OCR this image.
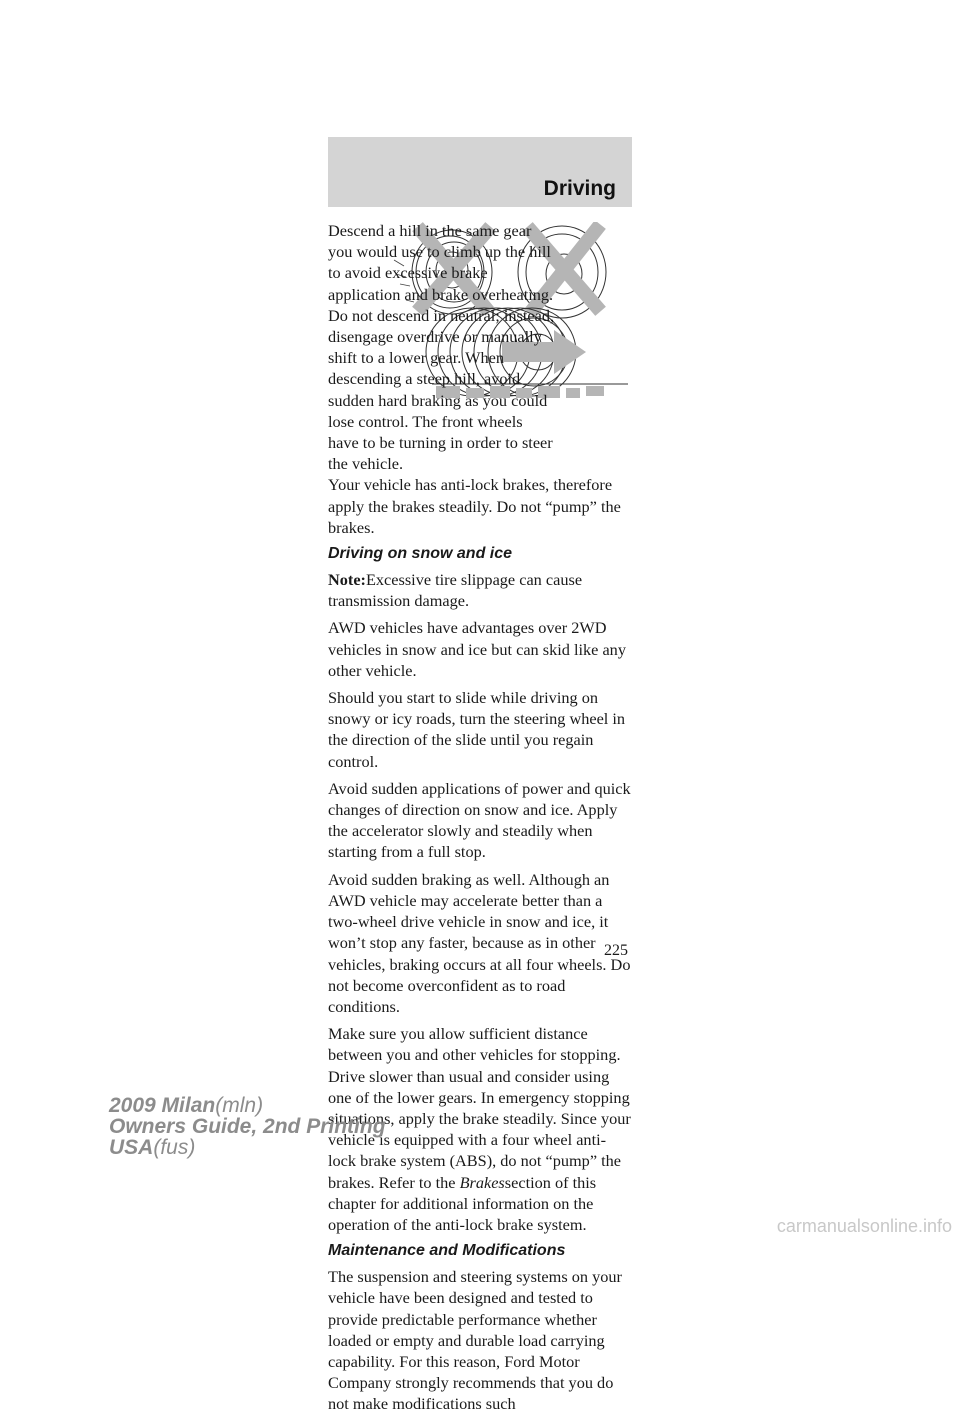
Driving

Descend a hill in the same gear you would use to climb up the hill to avoid excessive brake application and brake overheating. Do not descend in neutral; instead, disengage overdrive or manually shift to a lower gear. When descending a steep hill, avoid sudden hard braking as you could lose control. The front wheels have to be turning in order to steer the vehicle.

Your vehicle has anti-lock brakes, therefore apply the brakes steadily. Do not “pump” the brakes.

Driving on snow and ice

Note:Excessive tire slippage can cause transmission damage.

AWD vehicles have advantages over 2WD vehicles in snow and ice but can skid like any other vehicle.

Should you start to slide while driving on snowy or icy roads, turn the steering wheel in the direction of the slide until you regain control.

Avoid sudden applications of power and quick changes of direction on snow and ice. Apply the accelerator slowly and steadily when starting from a full stop.

Avoid sudden braking as well. Although an AWD vehicle may accelerate better than a two-wheel drive vehicle in snow and ice, it won’t stop any faster, because as in other vehicles, braking occurs at all four wheels. Do not become overconfident as to road conditions.

Make sure you allow sufficient distance between you and other vehicles for stopping. Drive slower than usual and consider using one of the lower gears. In emergency stopping situations, apply the brake steadily. Since your vehicle is equipped with a four wheel anti-lock brake system (ABS), do not “pump” the brakes. Refer to the Brakessection of this chapter for additional information on the operation of the anti-lock brake system.

Maintenance and Modifications

The suspension and steering systems on your vehicle have been designed and tested to provide predictable performance whether loaded or empty and durable load carrying capability. For this reason, Ford Motor Company strongly recommends that you do not make modifications such

225
2009 Milan(mln)
Owners Guide, 2nd Printing
USA(fus)
carmanualsonline.info
